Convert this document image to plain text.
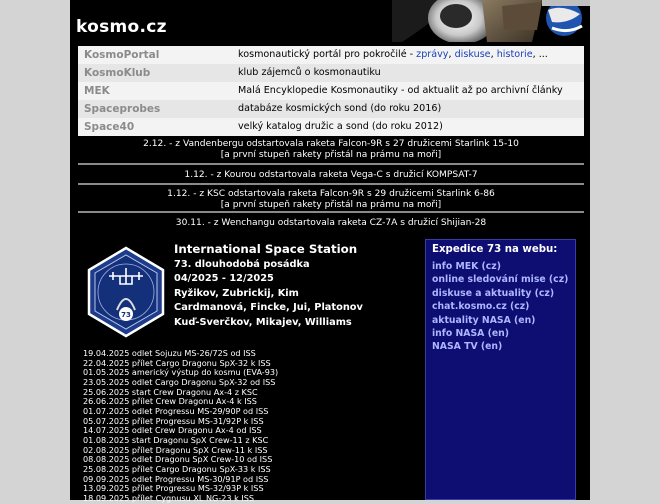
kosmo.cz
KosmoPortal	kosmonautický portál pro pokročilé - zprávy, diskuse, historie, ...
KosmoKlub	klub zájemců o kosmonautiku
MEK	Malá Encyklopedie Kosmonautiky - od aktualit až po archivní články
Spaceprobes	databáze kosmických sond (do roku 2016)
Space40	velký katalog družic a sond (do roku 2012)
2.12. - z Vandenbergu odstartovala raketa Falcon-9R s 27 družicemi Starlink 15-10
[a první stupeň rakety přistál na prámu na moři]
1.12. - z Kourou odstartovala raketa Vega-C s družicí KOMPSAT-7
1.12. - z KSC odstartovala raketa Falcon-9R s 29 družicemi Starlink 6-86
[a první stupeň rakety přistál na prámu na moři]
30.11. - z Wenchangu odstartovala raketa CZ-7A s družicí Shijian-28
73
International Space Station
73. dlouhodobá posádka
04/2025 - 12/2025
Ryžikov, Zubrickij, Kim
Cardmanová, Fincke, Jui, Platonov
Kuď-Sverčkov, Mikajev, Williams
19.04.2025 odlet Sojuzu MS-26/72S od ISS
22.04.2025 přílet Cargo Dragonu SpX-32 k ISS
01.05.2025 americký výstup do kosmu (EVA-93)
23.05.2025 odlet Cargo Dragonu SpX-32 od ISS
25.06.2025 start Crew Dragonu Ax-4 z KSC
26.06.2025 přílet Crew Dragonu Ax-4 k ISS
01.07.2025 odlet Progressu MS-29/90P od ISS
05.07.2025 přílet Progressu MS-31/92P k ISS
14.07.2025 odlet Crew Dragonu Ax-4 od ISS
01.08.2025 start Dragonu SpX Crew-11 z KSC
02.08.2025 přílet Dragonu SpX Crew-11 k ISS
08.08.2025 odlet Dragonu SpX Crew-10 od ISS
25.08.2025 přílet Cargo Dragonu SpX-33 k ISS
09.09.2025 odlet Progressu MS-30/91P od ISS
13.09.2025 přílet Progressu MS-32/93P k ISS
18.09.2025 přílet Cygnusu XL NG-23 k ISS
Expedice 73 na webu:
info MEK (cz)
online sledování mise (cz)
diskuse a aktuality (cz)
chat.kosmo.cz (cz)
aktuality NASA (en)
info NASA (en)
NASA TV (en)
